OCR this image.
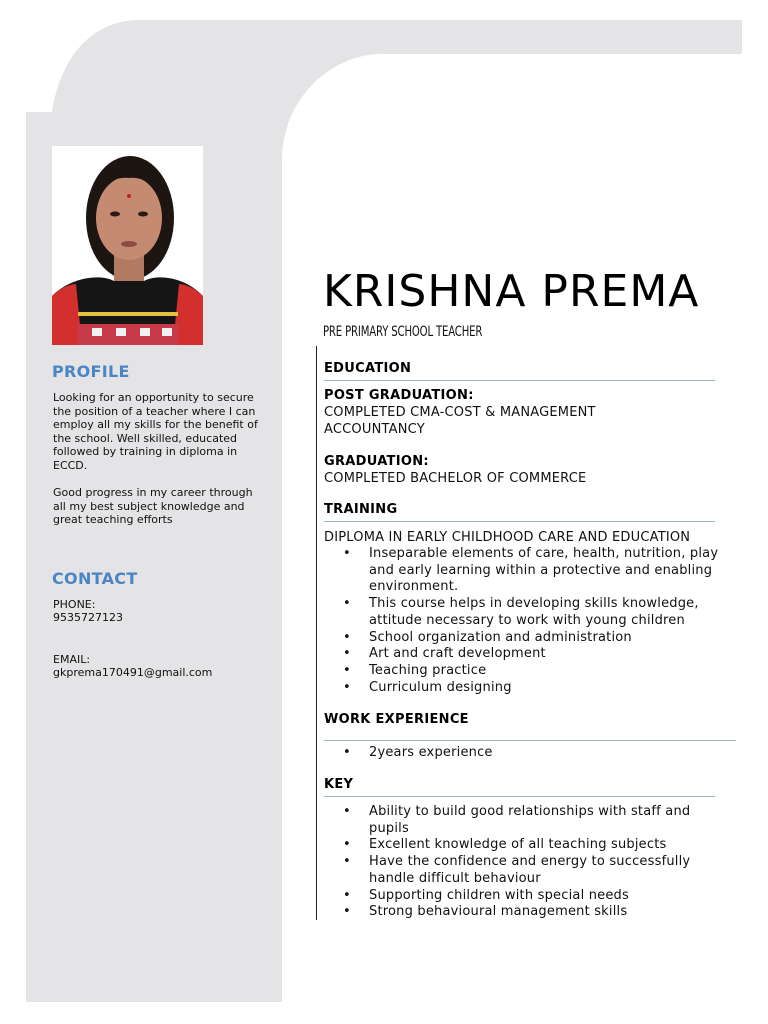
PROFILE
Looking for an opportunity to secure the position of a teacher where I can employ all my skills for the benefit of the school. Well skilled, educated followed by training in diploma in ECCD.
Good progress in my career through all my best subject knowledge and great teaching efforts
CONTACT
PHONE:
9535727123
EMAIL:
gkprema170491@gmail.com
KRISHNA PREMA
PRE PRIMARY SCHOOL TEACHER
EDUCATION
POST GRADUATION:
COMPLETED CMA-COST & MANAGEMENT ACCOUNTANCY
GRADUATION:
COMPLETED BACHELOR OF COMMERCE
TRAINING
DIPLOMA IN EARLY CHILDHOOD CARE AND EDUCATION
• Inseparable elements of care, health, nutrition, play and early learning within a protective and enabling environment.
• This course helps in developing skills knowledge, attitude necessary to work with young children
• School organization and administration
• Art and craft development
• Teaching practice
• Curriculum designing
WORK EXPERIENCE
• 2years experience
KEY
• Ability to build good relationships with staff and pupils
• Excellent knowledge of all teaching subjects
• Have the confidence and energy to successfully handle difficult behaviour
• Supporting children with special needs
• Strong behavioural management skills
